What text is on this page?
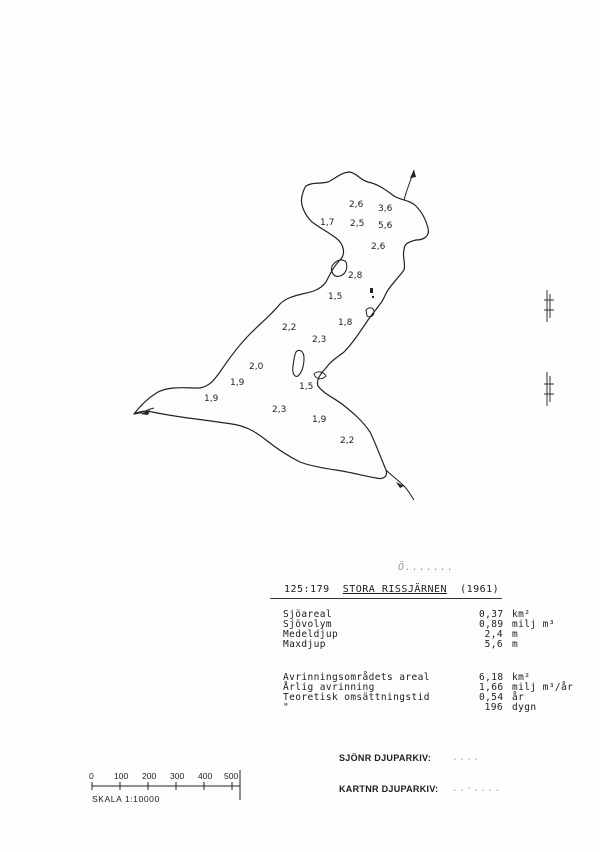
2,6 3,6
1,7 2,5 5,6
2,6
2,8
1,5
1,8
2,2
2,3
2,0
1,9
1,9
1,5
2,3
1,9
2,2
0 100 200 300 400 500
Ö.......
125:179 STORA RISSJÄRNEN (1961)
Sjöareal	0,37 km²
Sjövolym	0,89 milj m³
Medeldjup	2,4 m
Maxdjup	5,6 m
Avrinningsområdets areal	6,18 km²
Årlig avrinning	1,66 milj m³/år
Teoretisk omsättningstid	0,54 år
"	196 dygn
SJÖNR DJUPARKIV: ....
KARTNR DJUPARKIV: ..-....
SKALA 1:10000
